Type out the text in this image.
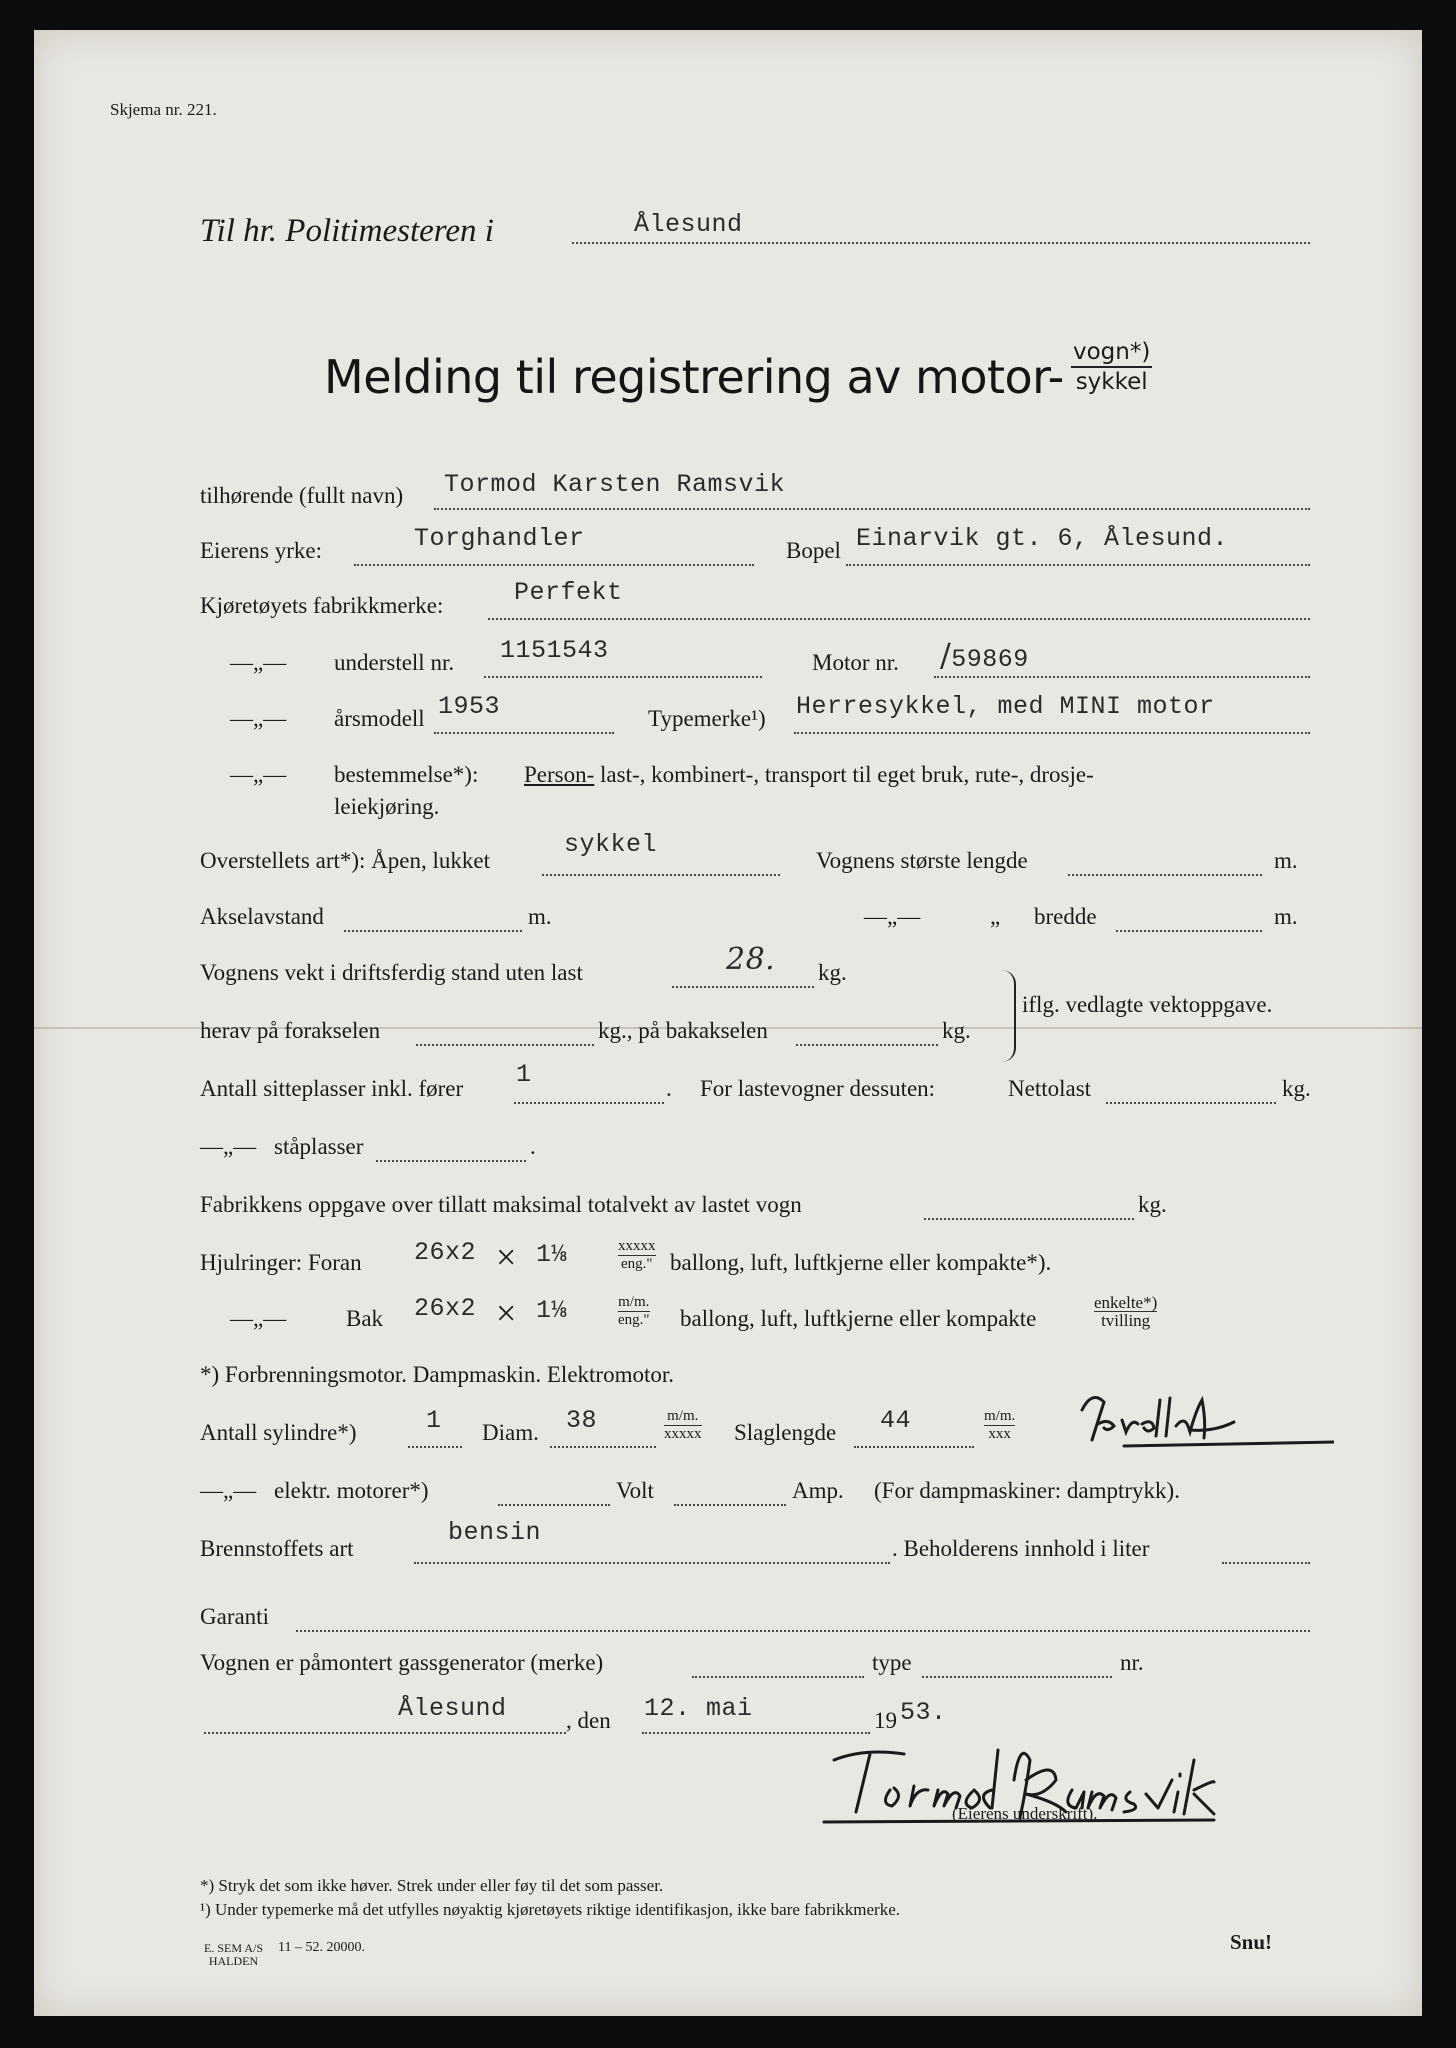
Skjema nr. 221.
Til hr. Politimesteren i	Ålesund
Melding til registrering av motor- vogn*)
sykkel
tilhørende (fullt navn) Tormod Karsten Ramsvik
Eierens yrke:	Torghandler	Bopel Einarvik gt. 6, Ålesund.
Kjøretøyets fabrikkmerke:	Perfekt
—„— understell nr. 1151543	Motor nr. /59869
—„— årsmodell 1953	Typemerke¹) Herresykkel, med MINI motor
—„— bestemmelse*): Person- last-, kombinert-, transport til eget bruk, rute-, drosje-
leiekjøring.
Overstellets art*): Åpen, lukket
sykkel
Vognens største lengde	m.
Akselavstand	m.	—„—	„ bredde	m.
Vognens vekt i driftsferdig stand uten last	28. kg.
iflg. vedlagte vektoppgave.
herav på forakselen	kg., på bakakselen	kg.
Antall sitteplasser inkl. fører 1	. For lastevogner dessuten:	Nettolast	kg.
—„— ståplasser	.
Fabrikkens oppgave over tillatt maksimal totalvekt av lastet vogn	kg.
Hjulringer: Foran 26x2 × 1⅛	xxxxx
eng." ballong, luft, luftkjerne eller kompakte*).
—„—	Bak 26x2 × 1⅛	m/m.
eng." ballong, luft, luftkjerne eller kompakte
enkelte*)
tvilling
*) Forbrenningsmotor. Dampmaskin. Elektromotor.
Antall sylindre*)	1 Diam. 38	m/m.
xxxxx Slaglengde 44	m/m.
xxx
—„— elektr. motorer*)	Volt	Amp. (For dampmaskiner: damptrykk).
Brennstoffets art
bensin
. Beholderens innhold i liter
Garanti
Vognen er påmontert gassgenerator (merke)	type	nr.
Ålesund	, den 12. mai	19 53.
(Eierens underskrift).
*) Stryk det som ikke høver. Strek under eller føy til det som passer.
¹) Under typemerke må det utfylles nøyaktig kjøretøyets riktige identifikasjon, ikke bare fabrikkmerke.
E. SEM A/S
HALDEN
11 – 52. 20000.	Snu!
